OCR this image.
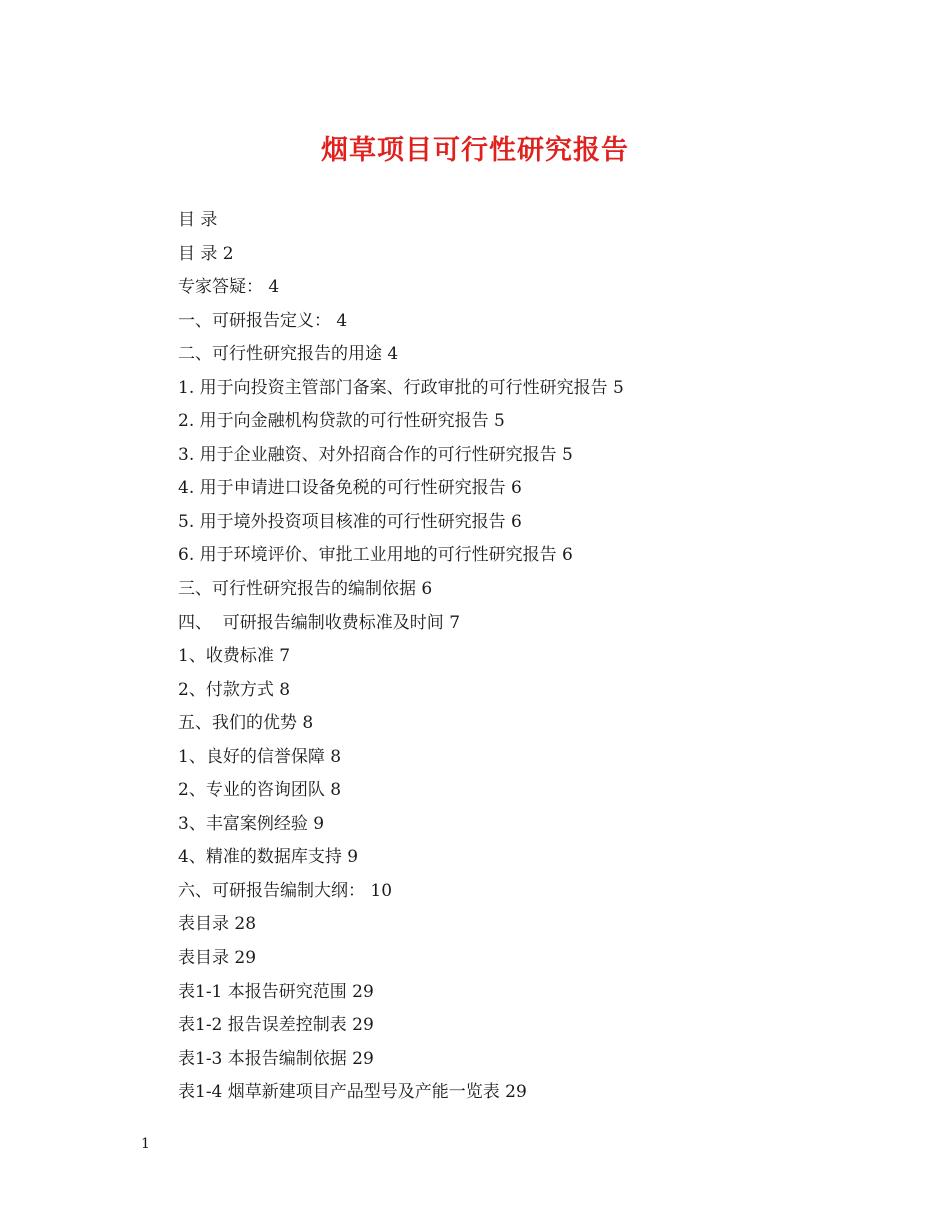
烟草项目可行性研究报告
目 录
目 录 2
专家答疑： 4
一、可研报告定义： 4
二、可行性研究报告的用途 4
1. 用于向投资主管部门备案、行政审批的可行性研究报告 5
2. 用于向金融机构贷款的可行性研究报告 5
3. 用于企业融资、对外招商合作的可行性研究报告 5
4. 用于申请进口设备免税的可行性研究报告 6
5. 用于境外投资项目核准的可行性研究报告 6
6. 用于环境评价、审批工业用地的可行性研究报告 6
三、可行性研究报告的编制依据 6
四、  可研报告编制收费标准及时间 7
1、收费标准 7
2、付款方式 8
五、我们的优势 8
1、良好的信誉保障 8
2、专业的咨询团队 8
3、丰富案例经验 9
4、精准的数据库支持 9
六、可研报告编制大纲： 10
表目录 28
表目录 29
表1-1 本报告研究范围 29
表1-2 报告误差控制表 29
表1-3 本报告编制依据 29
表1-4 烟草新建项目产品型号及产能一览表 29
1
